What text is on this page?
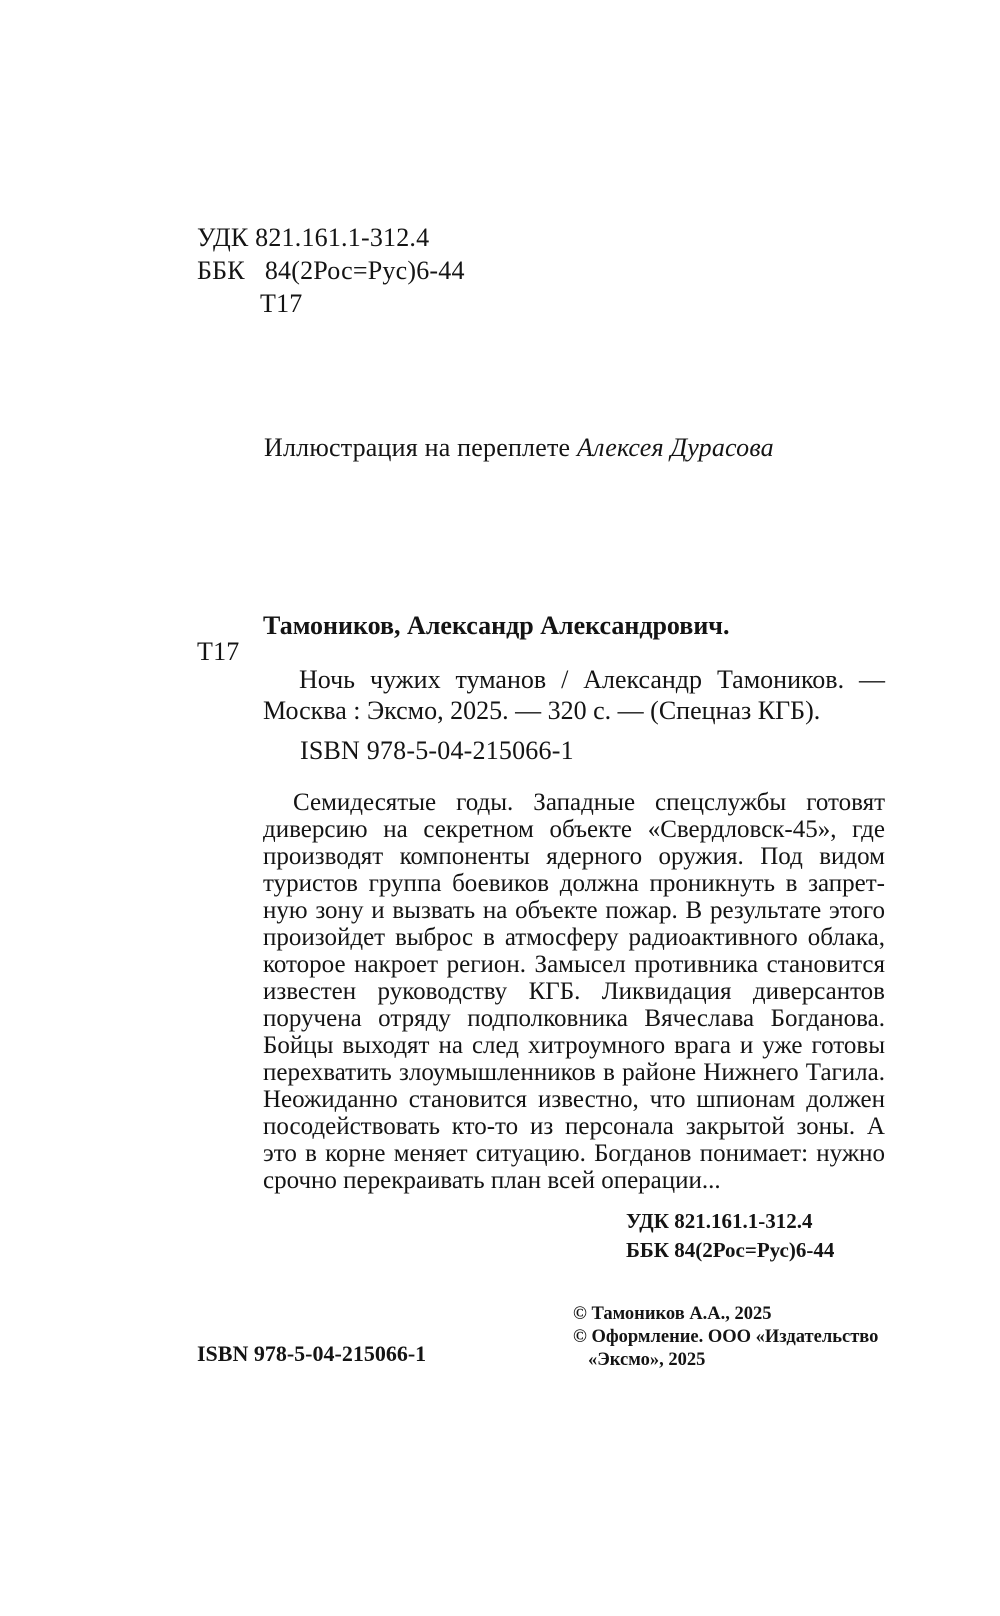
УДК 821.161.1-312.4
ББК 84(2Рос=Рус)6-44
Т17
Иллюстрация на переплете Алексея Дурасова
Тамоников, Александр Александрович.
Т17
Ночь чужих туманов / Александр Тамоников. — Москва : Эксмо, 2025. — 320 с. — (Спецназ КГБ).
ISBN 978-5-04-215066-1
Семидесятые годы. Западные спецслужбы готовят диверсию на секретном объекте «Свердловск-45», где производят компоненты ядерного оружия. Под видом туристов группа боевиков должна проникнуть в запретную зону и вызвать на объекте пожар. В результате этого произойдет выброс в атмосферу радиоактивного облака, которое накроет регион. Замысел противника становится известен руководству КГБ. Ликвидация диверсантов поручена отряду подполковника Вячеслава Богданова. Бойцы выходят на след хитроумного врага и уже готовы перехватить злоумышленников в районе Нижнего Тагила. Неожиданно становится известно, что шпионам должен посодействовать кто-то из персонала закрытой зоны. А это в корне меняет ситуацию. Богданов понимает: нужно срочно перекраивать план всей операции...
УДК 821.161.1-312.4
ББК 84(2Рос=Рус)6-44
ISBN 978-5-04-215066-1
© Тамоников А.А., 2025
© Оформление. ООО «Издательство
«Эксмо», 2025
